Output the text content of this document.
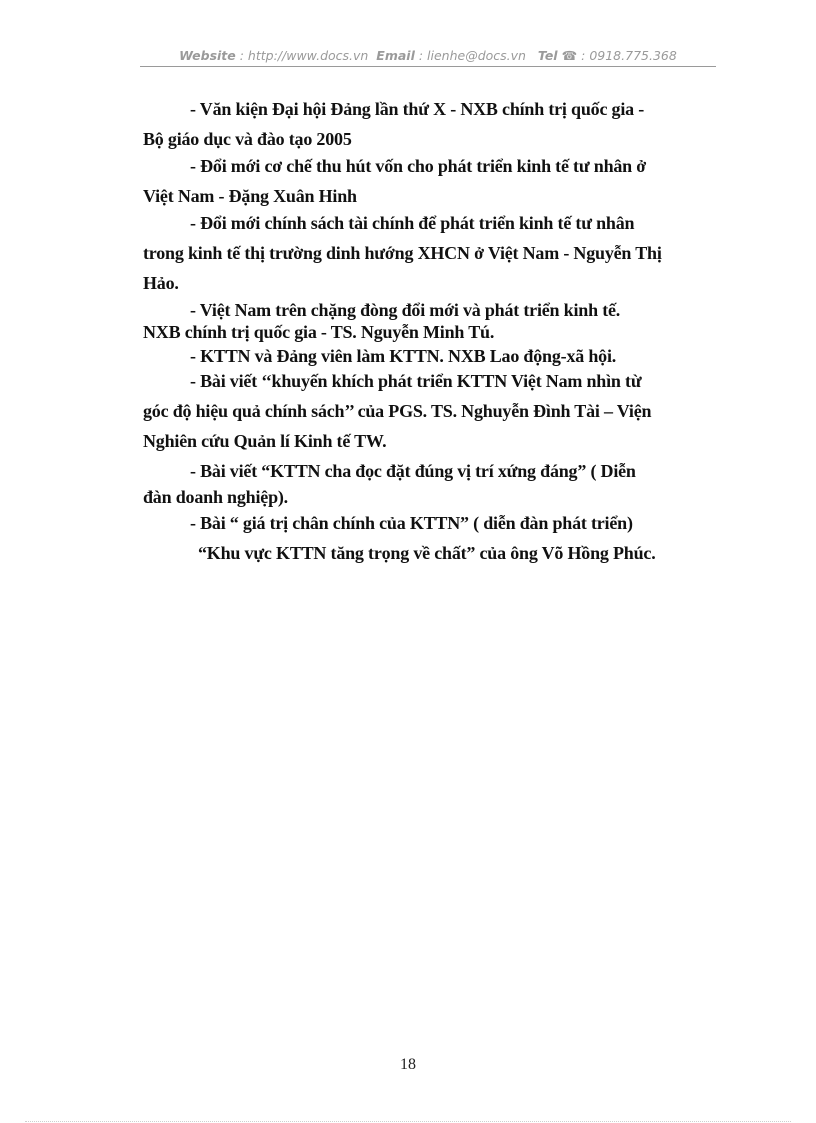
Website : http://www.docs.vn Email : lienhe@docs.vn Tel ☎ : 0918.775.368

- Văn kiện Đại hội Đảng lần thứ X - NXB chính trị quốc gia -
Bộ giáo dục và đào tạo 2005

- Đổi mới cơ chế thu hút vốn cho phát triển kinh tế tư nhân ở
Việt Nam - Đặng Xuân Hinh

- Đổi mới chính sách tài chính để phát triển kinh tế tư nhân
trong kinh tế thị trường dinh hướng XHCN ở Việt Nam - Nguyễn Thị
Hảo.

- Việt Nam trên chặng đòng đổi mới và phát triển kinh tế.
NXB chính trị quốc gia - TS. Nguyễn Minh Tú.

- KTTN và Đảng viên làm KTTN. NXB Lao động-xã hội.

- Bài viết ‘‘khuyến khích phát triển KTTN Việt Nam nhìn từ
góc độ hiệu quả chính sách’’ của PGS. TS. Nghuyễn Đình Tài – Viện
Nghiên cứu Quản lí Kinh tế TW.

- Bài viết “KTTN cha đọc đặt đúng vị trí xứng đáng” ( Diễn
đàn doanh nghiệp).

- Bài “ giá trị chân chính của KTTN” ( diễn đàn phát triển)

“Khu vực KTTN tăng trọng về chất” của ông Võ Hồng Phúc.

18
